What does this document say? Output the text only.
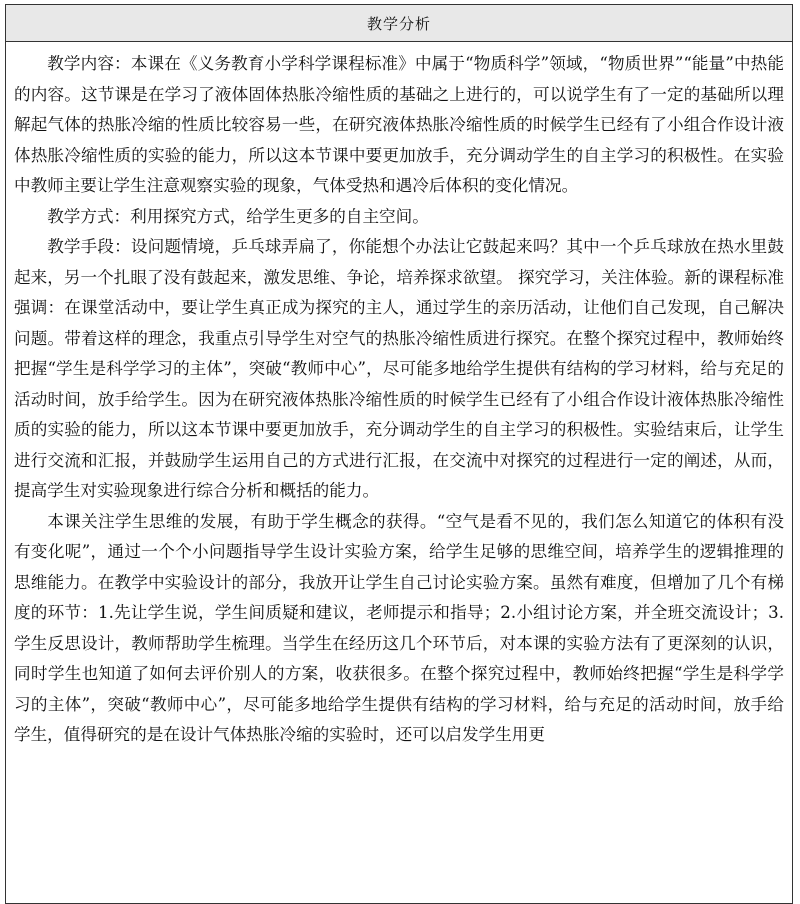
教学分析

教学内容：本课在《义务教育小学科学课程标准》中属于“物质科学”领域，“物质世界”“能量”中热能的内容。这节课是在学习了液体固体热胀冷缩性质的基础之上进行的，可以说学生有了一定的基础所以理解起气体的热胀冷缩的性质比较容易一些，在研究液体热胀冷缩性质的时候学生已经有了小组合作设计液体热胀冷缩性质的实验的能力，所以这本节课中要更加放手，充分调动学生的自主学习的积极性。在实验中教师主要让学生注意观察实验的现象，气体受热和遇冷后体积的变化情况。

教学方式：利用探究方式，给学生更多的自主空间。

教学手段：设问题情境，乒乓球弄扁了，你能想个办法让它鼓起来吗？其中一个乒乓球放在热水里鼓起来，另一个扎眼了没有鼓起来，激发思维、争论，培养探求欲望。 探究学习，关注体验。新的课程标准强调：在课堂活动中，要让学生真正成为探究的主人，通过学生的亲历活动，让他们自己发现，自己解决问题。带着这样的理念，我重点引导学生对空气的热胀冷缩性质进行探究。在整个探究过程中，教师始终把握“学生是科学学习的主体”，突破“教师中心”，尽可能多地给学生提供有结构的学习材料，给与充足的活动时间，放手给学生。因为在研究液体热胀冷缩性质的时候学生已经有了小组合作设计液体热胀冷缩性质的实验的能力，所以这本节课中要更加放手，充分调动学生的自主学习的积极性。实验结束后，让学生进行交流和汇报，并鼓励学生运用自己的方式进行汇报，在交流中对探究的过程进行一定的阐述，从而，提高学生对实验现象进行综合分析和概括的能力。

本课关注学生思维的发展，有助于学生概念的获得。“空气是看不见的，我们怎么知道它的体积有没有变化呢”，通过一个个小问题指导学生设计实验方案，给学生足够的思维空间，培养学生的逻辑推理的思维能力。在教学中实验设计的部分，我放开让学生自己讨论实验方案。虽然有难度，但增加了几个有梯度的环节：1.先让学生说，学生间质疑和建议，老师提示和指导；2.小组讨论方案，并全班交流设计；3.学生反思设计，教师帮助学生梳理。当学生在经历这几个环节后，对本课的实验方法有了更深刻的认识，同时学生也知道了如何去评价别人的方案，收获很多。在整个探究过程中，教师始终把握“学生是科学学习的主体”，突破“教师中心”，尽可能多地给学生提供有结构的学习材料，给与充足的活动时间，放手给学生，值得研究的是在设计气体热胀冷缩的实验时，还可以启发学生用更
